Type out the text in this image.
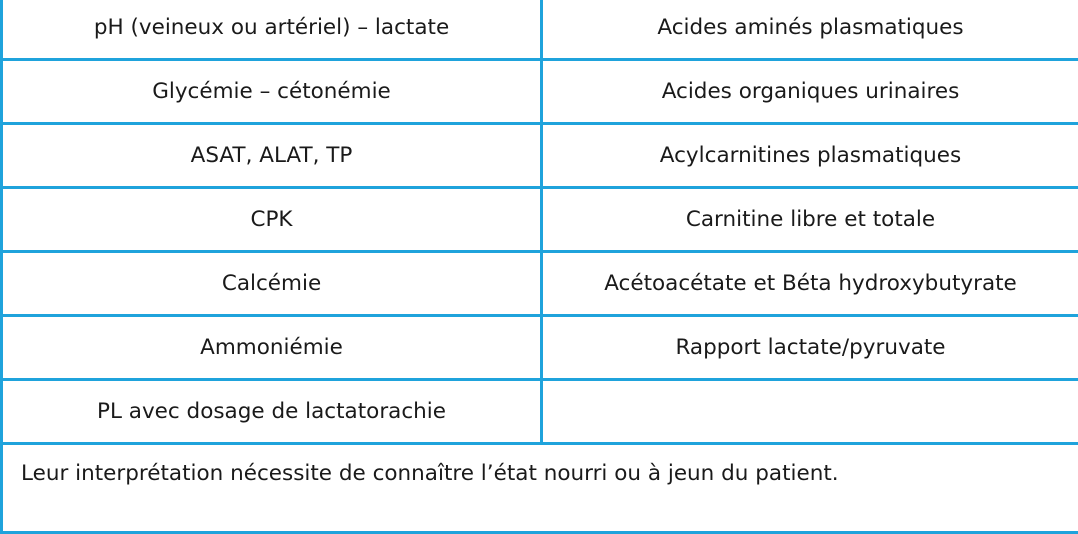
pH (veineux ou artériel) – lactate	Acides aminés plasmatiques
Glycémie – cétonémie	Acides organiques urinaires
ASAT, ALAT, TP	Acylcarnitines plasmatiques
CPK	Carnitine libre et totale
Calcémie	Acétoacétate et Béta hydroxybutyrate
Ammoniémie	Rapport lactate/pyruvate
PL avec dosage de lactatorachie	
Leur interprétation nécessite de connaître l’état nourri ou à jeun du patient.	
